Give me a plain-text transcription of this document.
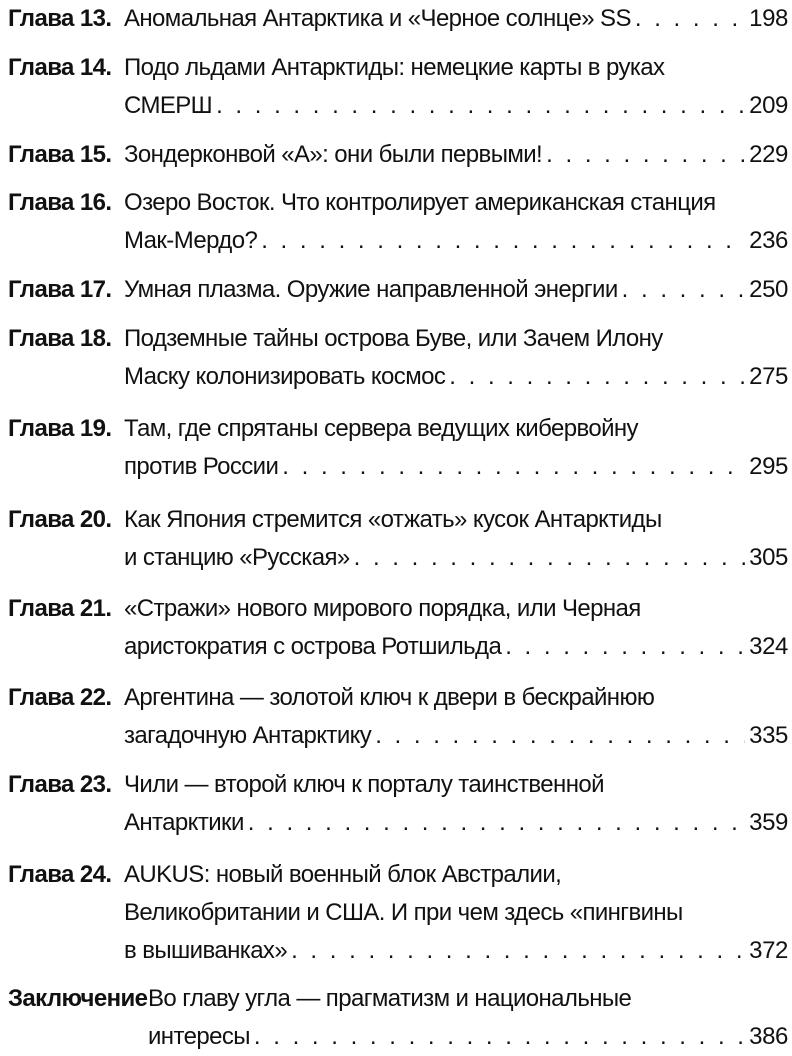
Глава 13. Аномальная Антарктика и «Черное солнце» SS . . .	198
Глава 14. Подо льдами Антарктиды: немецкие карты в руках
СМЕРШ . . .	209
Глава 15. Зондерконвой «А»: они были первыми! . . .	229
Глава 16. Озеро Восток. Что контролирует американская станция
Мак-Мердо? . . .	236
Глава 17. Умная плазма. Оружие направленной энергии . . .	250
Глава 18. Подземные тайны острова Буве, или Зачем Илону
Маску колонизировать космос . . .	275
Глава 19. Там, где спрятаны сервера ведущих кибервойну
против России . . .	295
Глава 20. Как Япония стремится «отжать» кусок Антарктиды
и станцию «Русская» . . .	305
Глава 21. «Стражи» нового мирового порядка, или Черная
аристократия с острова Ротшильда . . .	324
Глава 22. Аргентина — золотой ключ к двери в бескрайнюю
загадочную Антарктику . . .	335
Глава 23. Чили — второй ключ к порталу таинственной
Антарктики . . .	359
Глава 24. AUKUS: новый военный блок Австралии,
Великобритании и США. И при чем здесь «пингвины
в вышиванках» . . .	372
Заключение Во главу угла — прагматизм и национальные
интересы . . .	386
